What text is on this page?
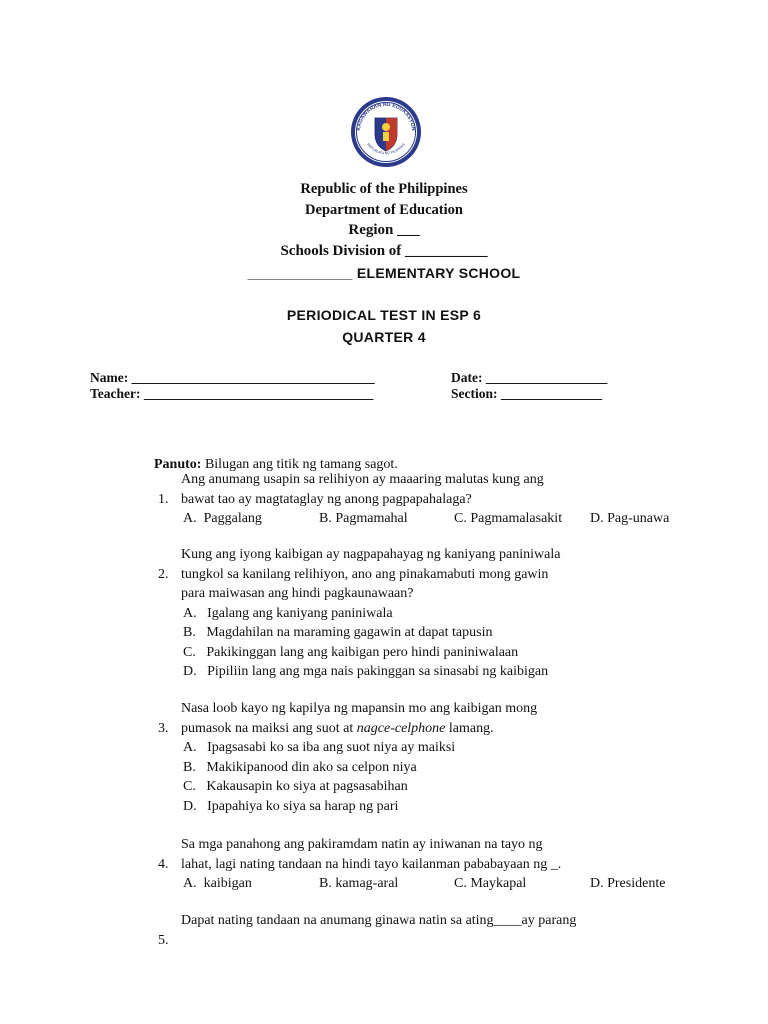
KAGAWARAN NG EDUKASYON
REPUBLIKA NG PILIPINAS
Republic of the Philippines
Department of Education
Region ___
Schools Division of ___________
_____________ ELEMENTARY SCHOOL
PERIODICAL TEST IN ESP 6
QUARTER 4
Name: ____________________________________	Date: __________________
Teacher: __________________________________	Section: _______________

Panuto: Bilugan ang titik ng tamang sagot.

1.

Ang anumang usapin sa relihiyon ay maaaring malutas kung ang

bawat tao ay magtataglay ng anong pagpapahalaga?

A.  Paggalang

	B. Pagmamahal

	C. Pagmamalasakit

D. Pag-unawa

2.

Kung ang iyong kaibigan ay nagpapahayag ng kaniyang paniniwala

tungkol sa kanilang relihiyon, ano ang pinakamabuti mong gawin

para maiwasan ang hindi pagkaunawaan?

A.   Igalang ang kaniyang paniniwala

B.   Magdahilan na maraming gagawin at dapat tapusin

C.   Pakikinggan lang ang kaibigan pero hindi paniniwalaan

D.   Pipiliin lang ang mga nais pakinggan sa sinasabi ng kaibigan

3.

Nasa loob kayo ng kapilya ng mapansin mo ang kaibigan mong

pumasok na maiksi ang suot at nagce-celphone lamang.

A.   Ipagsasabi ko sa iba ang suot niya ay maiksi

B.   Makikipanood din ako sa celpon niya

C.   Kakausapin ko siya at pagsasabihan

D.   Ipapahiya ko siya sa harap ng pari

4.

Sa mga panahong ang pakiramdam natin ay iniwanan na tayo ng

lahat, lagi nating tandaan na hindi tayo kailanman pababayaan ng _.

A.  kaibigan

	B. kamag-aral

	C. Maykapal

	D. Presidente

5.

Dapat nating tandaan na anumang ginawa natin sa ating____ay parang
